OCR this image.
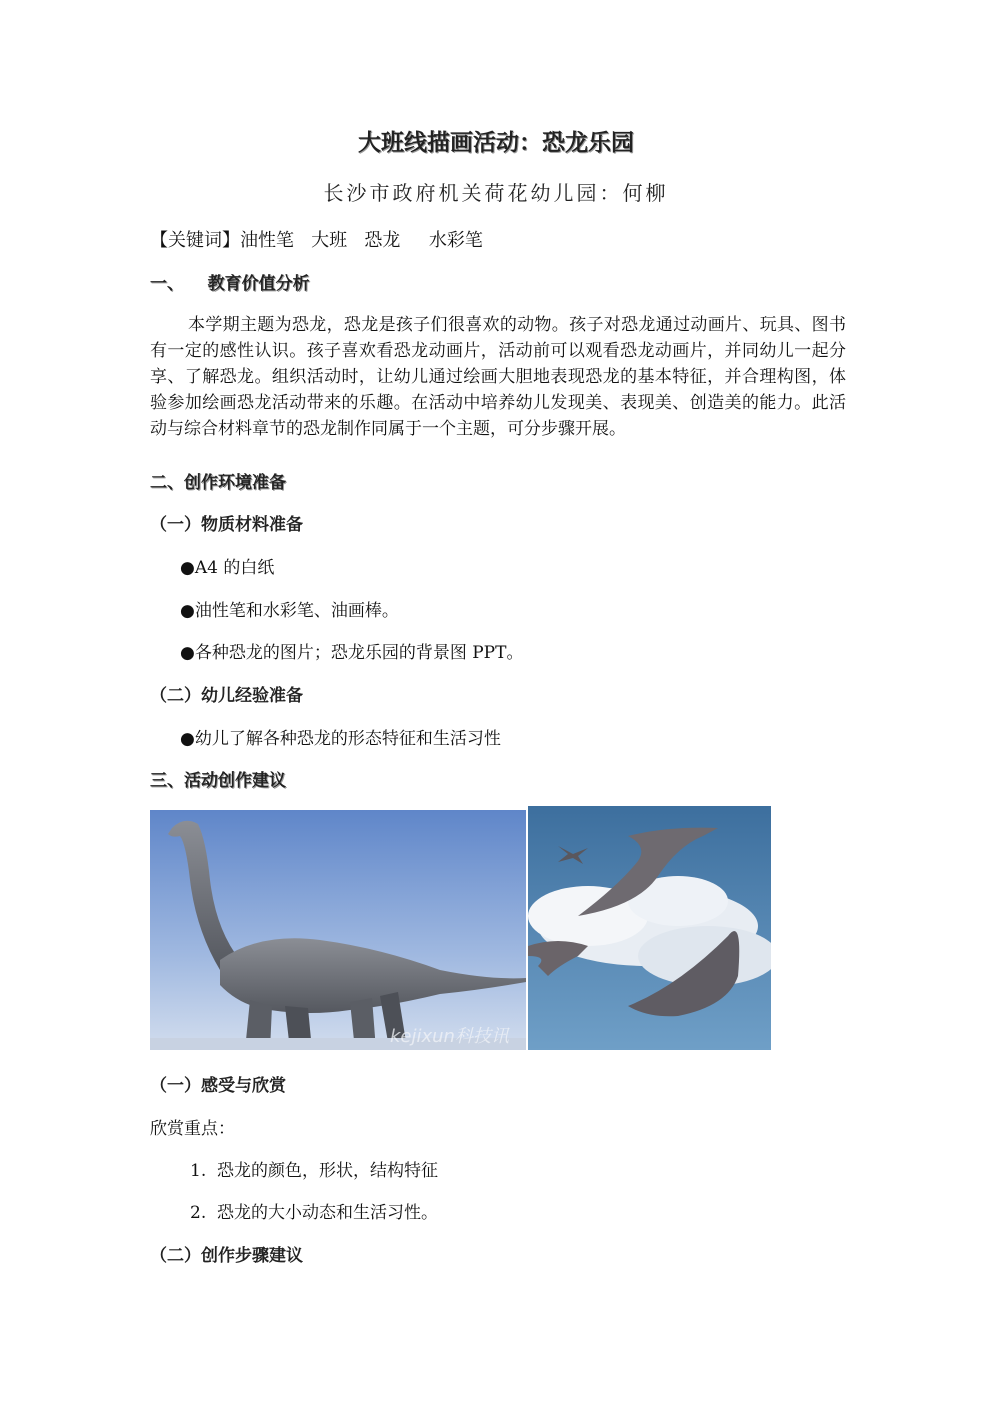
大班线描画活动：恐龙乐园
长沙市政府机关荷花幼儿园：何柳
【关键词】油性笔   大班   恐龙     水彩笔
一、    教育价值分析

本学期主题为恐龙，恐龙是孩子们很喜欢的动物。孩子对恐龙通过动画片、玩具、图书有一定的感性认识。孩子喜欢看恐龙动画片，活动前可以观看恐龙动画片，并同幼儿一起分享、了解恐龙。组织活动时，让幼儿通过绘画大胆地表现恐龙的基本特征，并合理构图，体验参加绘画恐龙活动带来的乐趣。在活动中培养幼儿发现美、表现美、创造美的能力。此活动与综合材料章节的恐龙制作同属于一个主题，可分步骤开展。

二、创作环境准备
（一）物质材料准备
●A4 的白纸
●油性笔和水彩笔、油画棒。
●各种恐龙的图片；恐龙乐园的背景图 PPT。
（二）幼儿经验准备
●幼儿了解各种恐龙的形态特征和生活习性
三、活动创作建议
kejixun科技讯
（一）感受与欣赏
欣赏重点：
1.  恐龙的颜色，形状，结构特征
2.  恐龙的大小动态和生活习性。
（二）创作步骤建议
